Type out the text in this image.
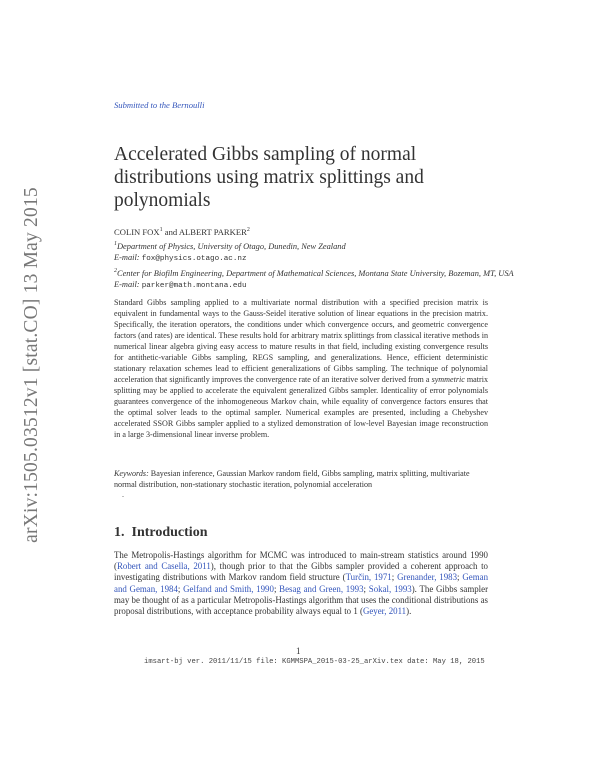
arXiv:1505.03512v1 [stat.CO] 13 May 2015
Submitted to the Bernoulli
Accelerated Gibbs sampling of normal distributions using matrix splittings and polynomials
COLIN FOX$^1$ and ALBERT PARKER$^2$
$^1$Department of Physics, University of Otago, Dunedin, New Zealand
E-mail: fox@physics.otago.ac.nz
$^2$Center for Biofilm Engineering, Department of Mathematical Sciences, Montana State University, Bozeman, MT, USA E-mail: parker@math.montana.edu

Standard Gibbs sampling applied to a multivariate normal distribution with a specified precision matrix is equivalent in fundamental ways to the Gauss-Seidel iterative solution of linear equations in the precision matrix. Specifically, the iteration operators, the conditions under which convergence occurs, and geometric convergence factors (and rates) are identical. These results hold for arbitrary matrix splittings from classical iterative methods in numerical linear algebra giving easy access to mature results in that field, including existing convergence results for antithetic-variable Gibbs sampling, REGS sampling, and generalizations. Hence, efficient deterministic stationary relaxation schemes lead to efficient generalizations of Gibbs sampling. The technique of polynomial acceleration that significantly improves the convergence rate of an iterative solver derived from a symmetric matrix splitting may be applied to accelerate the equivalent generalized Gibbs sampler. Identicality of error polynomials guarantees convergence of the inhomogeneous Markov chain, while equality of convergence factors ensures that the optimal solver leads to the optimal sampler. Numerical examples are presented, including a Chebyshev accelerated SSOR Gibbs sampler applied to a stylized demonstration of low-level Bayesian image reconstruction in a large 3-dimensional linear inverse problem.

Keywords: Bayesian inference, Gaussian Markov random field, Gibbs sampling, matrix splitting, multivariate normal distribution, non-stationary stochastic iteration, polynomial acceleration
.
1. Introduction

The Metropolis-Hastings algorithm for MCMC was introduced to main-stream statistics around 1990 (Robert and Casella, 2011), though prior to that the Gibbs sampler provided a coherent approach to investigating distributions with Markov random field structure (Turčin, 1971; Grenander, 1983; Geman and Geman, 1984; Gelfand and Smith, 1990; Besag and Green, 1993; Sokal, 1993). The Gibbs sampler may be thought of as a particular Metropolis-Hastings algorithm that uses the conditional distributions as proposal distributions, with acceptance probability always equal to 1 (Geyer, 2011).

1
imsart-bj ver. 2011/11/15 file: KGMMSPA_2015-03-25_arXiv.tex date: May 18, 2015
